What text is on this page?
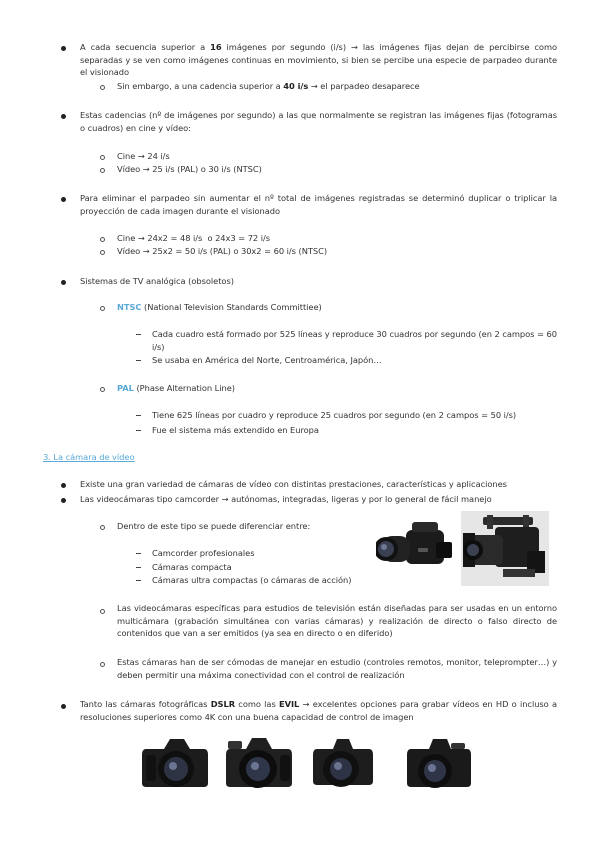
A cada secuencia superior a 16 imágenes por segundo (i/s) → las imágenes fijas dejan de percibirse como separadas y se ven como imágenes continuas en movimiento, si bien se percibe una especie de parpadeo durante el visionado
Sin embargo, a una cadencia superior a 40 i/s → el parpadeo desaparece
Estas cadencias (nº de imágenes por segundo) a las que normalmente se registran las imágenes fijas (fotogramas o cuadros) en cine y vídeo:
Cine → 24 i/s
Vídeo → 25 i/s (PAL) o 30 i/s (NTSC)
Para eliminar el parpadeo sin aumentar el nº total de imágenes registradas se determinó duplicar o triplicar la proyección de cada imagen durante el visionado
Cine → 24x2 = 48 i/s  o 24x3 = 72 i/s
Vídeo → 25x2 = 50 i/s (PAL) o 30x2 = 60 i/s (NTSC)
Sistemas de TV analógica (obsoletos)
NTSC (National Television Standards Committiee)
Cada cuadro está formado por 525 líneas y reproduce 30 cuadros por segundo (en 2 campos = 60 i/s)
Se usaba en América del Norte, Centroamérica, Japón…
PAL (Phase Alternation Line)
Tiene 625 líneas por cuadro y reproduce 25 cuadros por segundo (en 2 campos = 50 i/s)
Fue el sistema más extendido en Europa
3. La cámara de vídeo
Existe una gran variedad de cámaras de vídeo con distintas prestaciones, características y aplicaciones
Las videocámaras tipo camcorder → autónomas, integradas, ligeras y por lo general de fácil manejo
Dentro de este tipo se puede diferenciar entre:
Camcorder profesionales
Cámaras compacta
Cámaras ultra compactas (o cámaras de acción)
Las videocámaras específicas para estudios de televisión están diseñadas para ser usadas en un entorno multicámara (grabación simultánea con varias cámaras) y realización de directo o falso directo de contenidos que van a ser emitidos (ya sea en directo o en diferido)
Estas cámaras han de ser cómodas de manejar en estudio (controles remotos, monitor, teleprompter…) y deben permitir una máxima conectividad con el control de realización
Tanto las cámaras fotográficas DSLR como las EVIL → excelentes opciones para grabar vídeos en HD o incluso a resoluciones superiores como 4K con una buena capacidad de control de imagen
